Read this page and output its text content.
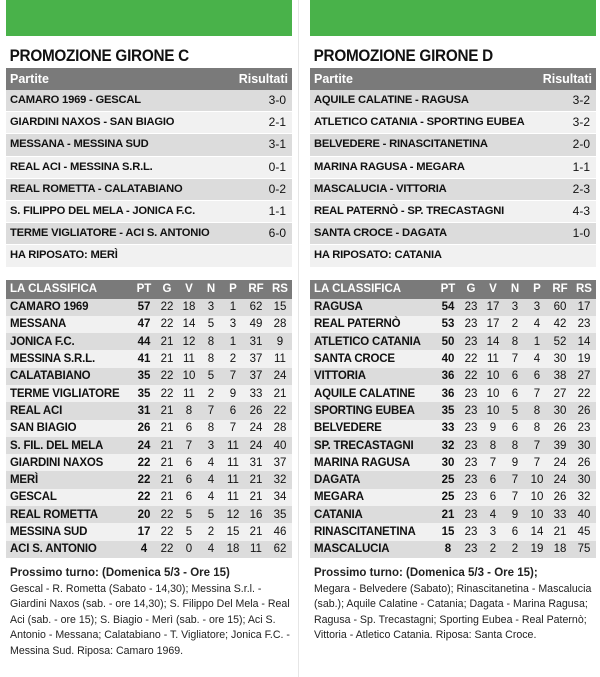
PROMOZIONE GIRONE C
Partite	Risultati
CAMARO 1969 - GESCAL	3-0
GIARDINI NAXOS - SAN BIAGIO	2-1
MESSANA - MESSINA SUD	3-1
REAL ACI - MESSINA S.R.L.	0-1
REAL ROMETTA - CALATABIANO	0-2
S. FILIPPO DEL MELA - JONICA F.C.	1-1
TERME VIGLIATORE - ACI S. ANTONIO	6-0
HA RIPOSATO: MERÌ
LA CLASSIFICA	PT	G	V	N	P	RF	RS
CAMARO 1969	57	22	18	3	1	62	15
MESSANA	47	22	14	5	3	49	28
JONICA F.C.	44	21	12	8	1	31	9
MESSINA S.R.L.	41	21	11	8	2	37	11
CALATABIANO	35	22	10	5	7	37	24
TERME VIGLIATORE	35	22	11	2	9	33	21
REAL ACI	31	21	8	7	6	26	22
SAN BIAGIO	26	21	6	8	7	24	28
S. FIL. DEL MELA	24	21	7	3	11	24	40
GIARDINI NAXOS	22	21	6	4	11	31	37
MERÌ	22	21	6	4	11	21	32
GESCAL	22	21	6	4	11	21	34
REAL ROMETTA	20	22	5	5	12	16	35
MESSINA SUD	17	22	5	2	15	21	46
ACI S. ANTONIO	4	22	0	4	18	11	62
Prossimo turno: (Domenica 5/3 - Ore 15)
Gescal - R. Rometta (Sabato - 14,30); Messina S.r.l. - Giardini Naxos (sab. - ore 14,30); S. Filippo Del Mela - Real Aci (sab. - ore 15); S. Biagio - Merì (sab. - ore 15); Aci S. Antonio - Messana; Calatabiano - T. Vigliatore; Jonica F.C. - Messina Sud. Riposa: Camaro 1969.
PROMOZIONE GIRONE D
Partite	Risultati
AQUILE CALATINE - RAGUSA	3-2
ATLETICO CATANIA - SPORTING EUBEA	3-2
BELVEDERE - RINASCITANETINA	2-0
MARINA RAGUSA - MEGARA	1-1
MASCALUCIA - VITTORIA	2-3
REAL PATERNÒ - SP. TRECASTAGNI	4-3
SANTA CROCE - DAGATA	1-0
HA RIPOSATO: CATANIA
LA CLASSIFICA	PT	G	V	N	P	RF	RS
RAGUSA	54	23	17	3	3	60	17
REAL PATERNÒ	53	23	17	2	4	42	23
ATLETICO CATANIA	50	23	14	8	1	52	14
SANTA CROCE	40	22	11	7	4	30	19
VITTORIA	36	22	10	6	6	38	27
AQUILE CALATINE	36	23	10	6	7	27	22
SPORTING EUBEA	35	23	10	5	8	30	26
BELVEDERE	33	23	9	6	8	26	23
SP. TRECASTAGNI	32	23	8	8	7	39	30
MARINA RAGUSA	30	23	7	9	7	24	26
DAGATA	25	23	6	7	10	24	30
MEGARA	25	23	6	7	10	26	32
CATANIA	21	23	4	9	10	33	40
RINASCITANETINA	15	23	3	6	14	21	45
MASCALUCIA	8	23	2	2	19	18	75
Prossimo turno: (Domenica 5/3 - Ore 15);
Megara - Belvedere (Sabato); Rinascitanetina - Mascalucia (sab.); Aquile Calatine - Catania; Dagata - Marina Ragusa; Ragusa - Sp. Trecastagni; Sporting Eubea - Real Paternò; Vittoria - Atletico Catania. Riposa: Santa Croce.
